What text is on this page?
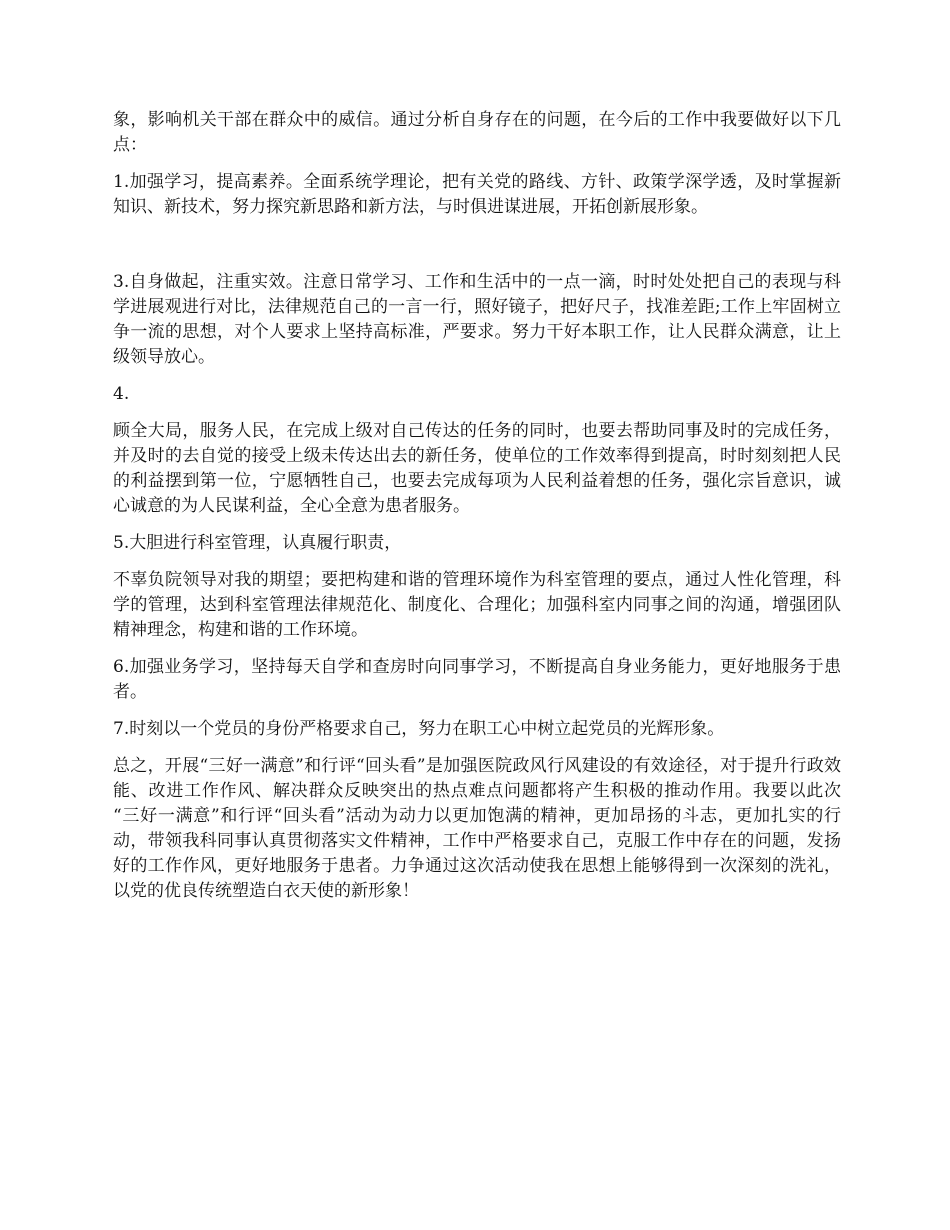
象，影响机关干部在群众中的威信。通过分析自身存在的问题，在今后的工作中我要做好以下几点：

1.加强学习，提高素养。全面系统学理论，把有关党的路线、方针、政策学深学透，及时掌握新知识、新技术，努力探究新思路和新方法，与时俱进谋进展，开拓创新展形象。

3.自身做起，注重实效。注意日常学习、工作和生活中的一点一滴，时时处处把自己的表现与科学进展观进行对比，法律规范自己的一言一行，照好镜子，把好尺子，找准差距;工作上牢固树立争一流的思想，对个人要求上坚持高标准，严要求。努力干好本职工作，让人民群众满意，让上级领导放心。

4.

顾全大局，服务人民，在完成上级对自己传达的任务的同时，也要去帮助同事及时的完成任务，并及时的去自觉的接受上级未传达出去的新任务，使单位的工作效率得到提高，时时刻刻把人民的利益摆到第一位，宁愿牺牲自己，也要去完成每项为人民利益着想的任务，强化宗旨意识，诚心诚意的为人民谋利益，全心全意为患者服务。

5.大胆进行科室管理，认真履行职责，

不辜负院领导对我的期望；要把构建和谐的管理环境作为科室管理的要点，通过人性化管理，科学的管理，达到科室管理法律规范化、制度化、合理化；加强科室内同事之间的沟通，增强团队精神理念，构建和谐的工作环境。

6.加强业务学习，坚持每天自学和查房时向同事学习，不断提高自身业务能力，更好地服务于患者。

7.时刻以一个党员的身份严格要求自己，努力在职工心中树立起党员的光辉形象。

总之，开展“三好一满意”和行评“回头看”是加强医院政风行风建设的有效途径，对于提升行政效能、改进工作作风、解决群众反映突出的热点难点问题都将产生积极的推动作用。我要以此次 “三好一满意”和行评“回头看”活动为动力以更加饱满的精神，更加昂扬的斗志，更加扎实的行动，带领我科同事认真贯彻落实文件精神，工作中严格要求自己，克服工作中存在的问题，发扬好的工作作风，更好地服务于患者。力争通过这次活动使我在思想上能够得到一次深刻的洗礼，以党的优良传统塑造白衣天使的新形象！
